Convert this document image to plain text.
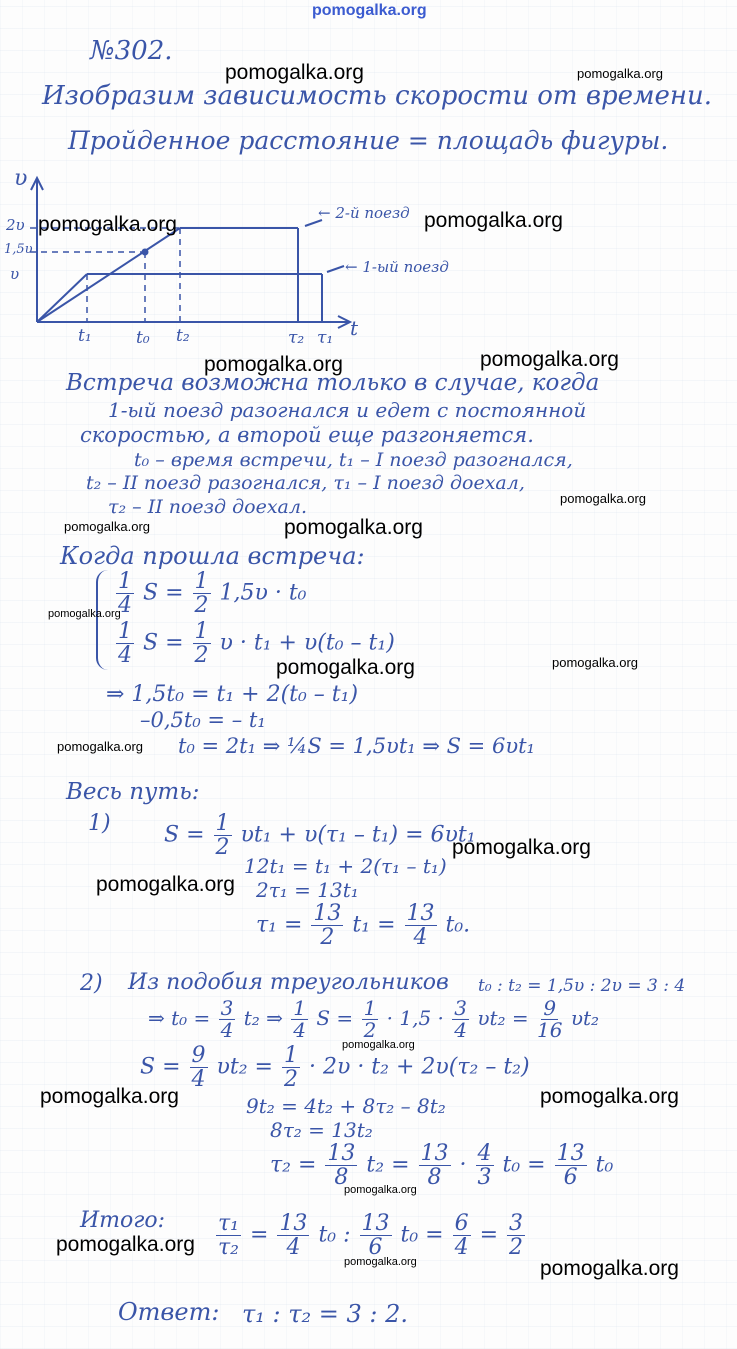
pomogalka.org
№302.
Изобразим зависимость скорости от времени.
Пройденное расстояние = площадь фигуры.
υ
2υ
1,5υ
υ
t
t₁	t₀ t₂	τ₂ τ₁
← 2-й поезд
← 1-ый поезд
Встреча возможна только в случае, когда
1-ый поезд разогнался и едет с постоянной
скоростью, а второй еще разгоняется.
t₀ – время встречи, t₁ – I поезд разогнался,
t₂ – II поезд разогнался, τ₁ – I поезд доехал,
τ₂ – II поезд доехал.
Когда прошла встреча:
$\frac{1}{4}$ $S = \frac{1}{2} 1,5\upsilon \cdot t_0$
$\frac{1}{4}$ $S = \frac{1}{2}$ υ · t₁ + υ(t₀ – t₁)
⇒ 1,5t₀ = t₁ + 2(t₀ – t₁)
–0,5t₀ = – t₁
t₀ = 2t₁ ⇒ ¼S = 1,5υt₁ ⇒ S = 6υt₁
Весь путь:
1) $S = \frac{1}{2} \upsilon t_1 + \upsilon(\tau_1 - t_1) = 6\upsilon t_1$
12t₁ = t₁ + 2(τ₁ – t₁)
2τ₁ = 13t₁
$\tau_1 = \frac{13}{2} t_1 = \frac{13}{4} t_0$.
2) Из подобия треугольников t₀ : t₂ = 1,5υ : 2υ = 3 : 4
⇒ $t_0 = \frac{3}{4} t_2$ ⇒ $\frac{1}{4}$ $S = \frac{1}{2} \cdot 1,5 \cdot \frac{3}{4} \upsilon t_2 = \frac{9}{16} \upsilon t_2$
$S = \frac{9}{4} \upsilon t_2 = \frac{1}{2} \cdot 2\upsilon \cdot t_2 + 2\upsilon(\tau_2 - t_2)$
9t₂ = 4t₂ + 8τ₂ – 8t₂
8τ₂ = 13t₂
$\tau_2 = \frac{13}{8} t_2 = \frac{13}{8} \cdot \frac{4}{3} t_0 = \frac{13}{6} t_0$
Итого: $\frac{\text{τ₁}}{\text{τ₂}} = \frac{13}{4} t_0$ : $\frac{13}{6} t_0 = \frac{6}{4} = \frac{3}{2}$
Ответ: τ₁ : τ₂ = 3 : 2.
pomogalka.org	pomogalka.org
pomogalka.org	pomogalka.org
pomogalka.org	pomogalka.org
pomogalka.org
pomogalka.org	pomogalka.org
pomogalka.org
pomogalka.org	pomogalka.org
pomogalka.org
pomogalka.org
pomogalka.org
pomogalka.org
pomogalka.org	pomogalka.org
pomogalka.org
pomogalka.org
pomogalka.org	pomogalka.org
